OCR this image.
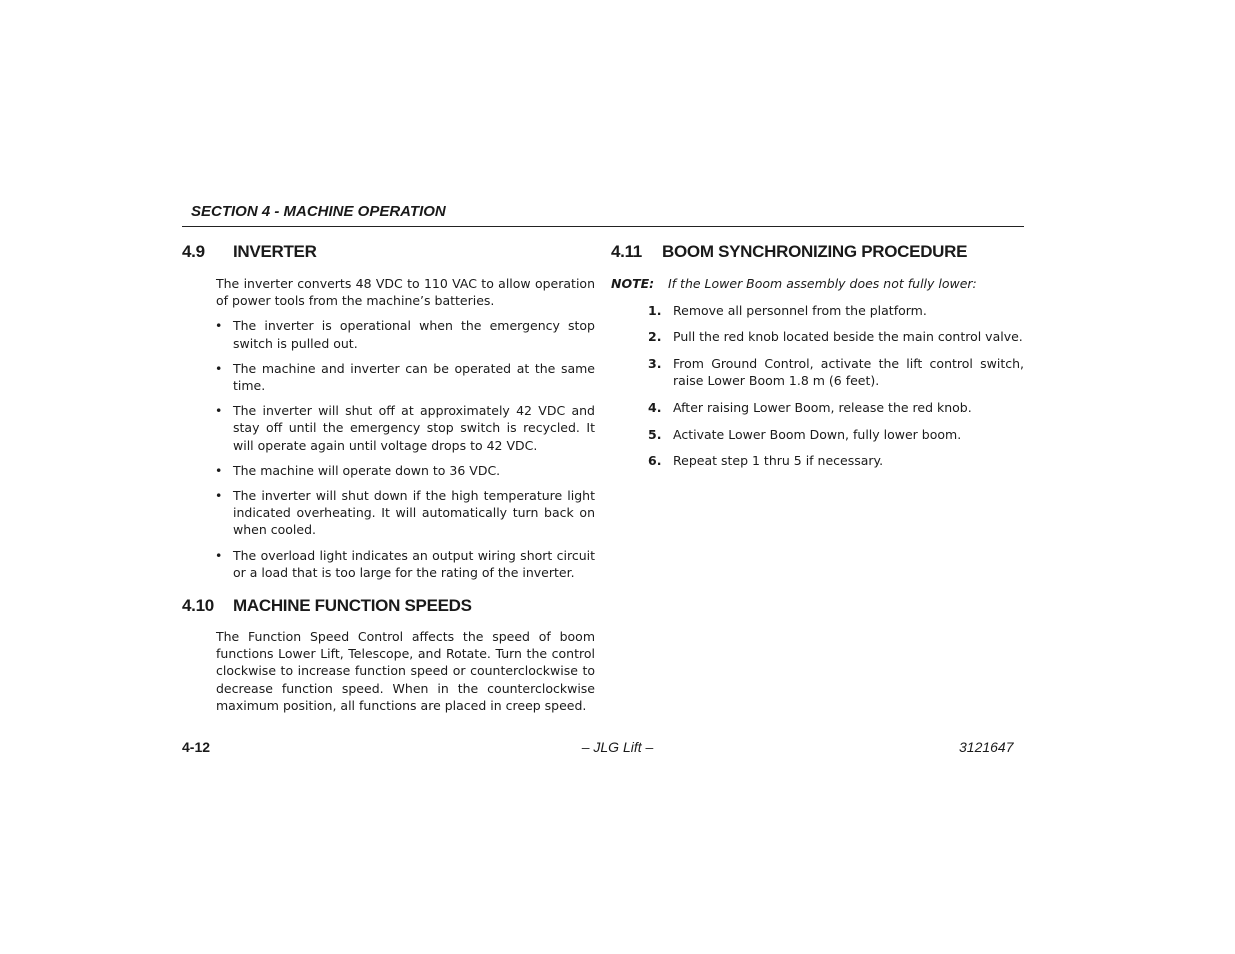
SECTION 4 - MACHINE OPERATION
4.9	INVERTER

The inverter converts 48 VDC to 110 VAC to allow operation of power tools from the machine’s batteries.

• The inverter is operational when the emergency stop switch is pulled out.
• The machine and inverter can be operated at the same time.
• The inverter will shut off at approximately 42 VDC and stay off until the emergency stop switch is recycled. It will operate again until voltage drops to 42 VDC.
• The machine will operate down to 36 VDC.
• The inverter will shut down if the high temperature light indicated overheating. It will automatically turn back on when cooled.
• The overload light indicates an output wiring short circuit or a load that is too large for the rating of the inverter.
4.10	MACHINE FUNCTION SPEEDS

The Function Speed Control affects the speed of boom functions Lower Lift, Telescope, and Rotate. Turn the control clockwise to increase function speed or counterclockwise to decrease function speed. When in the counterclockwise maximum position, all functions are placed in creep speed.

4.11	BOOM SYNCHRONIZING PROCEDURE
NOTE:	If the Lower Boom assembly does not fully lower:
1. Remove all personnel from the platform.
2. Pull the red knob located beside the main control valve.
3. From Ground Control, activate the lift control switch, raise Lower Boom 1.8 m (6 feet).
4. After raising Lower Boom, release the red knob.
5. Activate Lower Boom Down, fully lower boom.
6. Repeat step 1 thru 5 if necessary.
4-12	– JLG Lift –	3121647
